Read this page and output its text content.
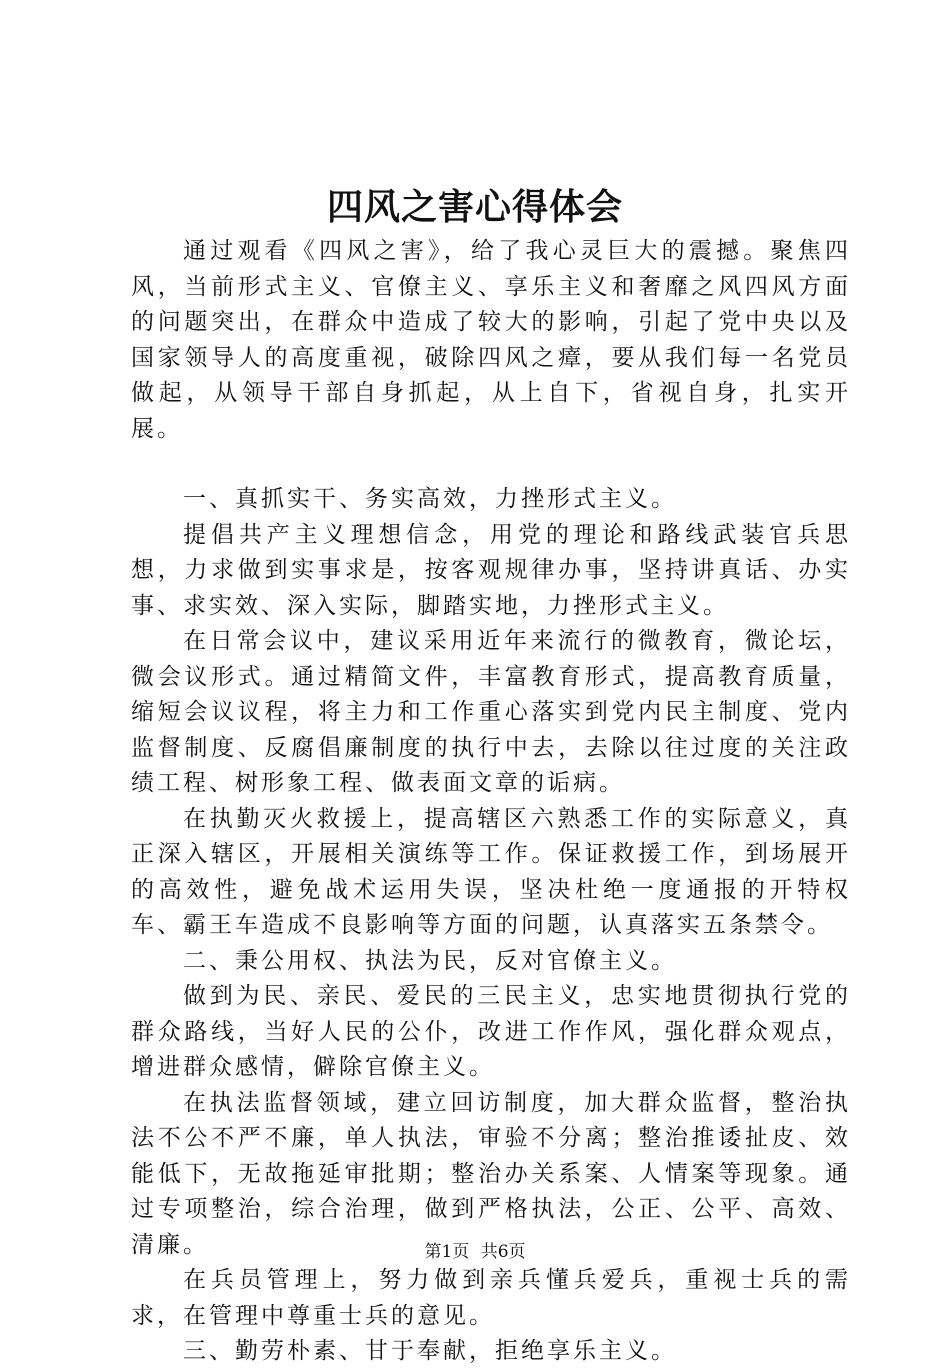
四风之害心得体会

通过观看《四风之害》，给了我心灵巨大的震撼。聚焦四风，当前形式主义、官僚主义、享乐主义和奢靡之风四风方面的问题突出，在群众中造成了较大的影响，引起了党中央以及国家领导人的高度重视，破除四风之瘴，要从我们每一名党员做起，从领导干部自身抓起，从上自下，省视自身，扎实开展。

一、真抓实干、务实高效，力挫形式主义。

提倡共产主义理想信念，用党的理论和路线武装官兵思想，力求做到实事求是，按客观规律办事，坚持讲真话、办实事、求实效、深入实际，脚踏实地，力挫形式主义。

在日常会议中，建议采用近年来流行的微教育，微论坛，微会议形式。通过精简文件，丰富教育形式，提高教育质量，缩短会议议程，将主力和工作重心落实到党内民主制度、党内监督制度、反腐倡廉制度的执行中去，去除以往过度的关注政绩工程、树形象工程、做表面文章的诟病。

在执勤灭火救援上，提高辖区六熟悉工作的实际意义，真正深入辖区，开展相关演练等工作。保证救援工作，到场展开的高效性，避免战术运用失误，坚决杜绝一度通报的开特权车、霸王车造成不良影响等方面的问题，认真落实五条禁令。

二、秉公用权、执法为民，反对官僚主义。

做到为民、亲民、爱民的三民主义，忠实地贯彻执行党的群众路线，当好人民的公仆，改进工作作风，强化群众观点，增进群众感情，僻除官僚主义。

在执法监督领域，建立回访制度，加大群众监督，整治执法不公不严不廉，单人执法，审验不分离；整治推诿扯皮、效能低下，无故拖延审批期；整治办关系案、人情案等现象。通过专项整治，综合治理，做到严格执法，公正、公平、高效、清廉。

在兵员管理上，努力做到亲兵懂兵爱兵，重视士兵的需求，在管理中尊重士兵的意见。

三、勤劳朴素、甘于奉献，拒绝享乐主义。

第1页 共6页
